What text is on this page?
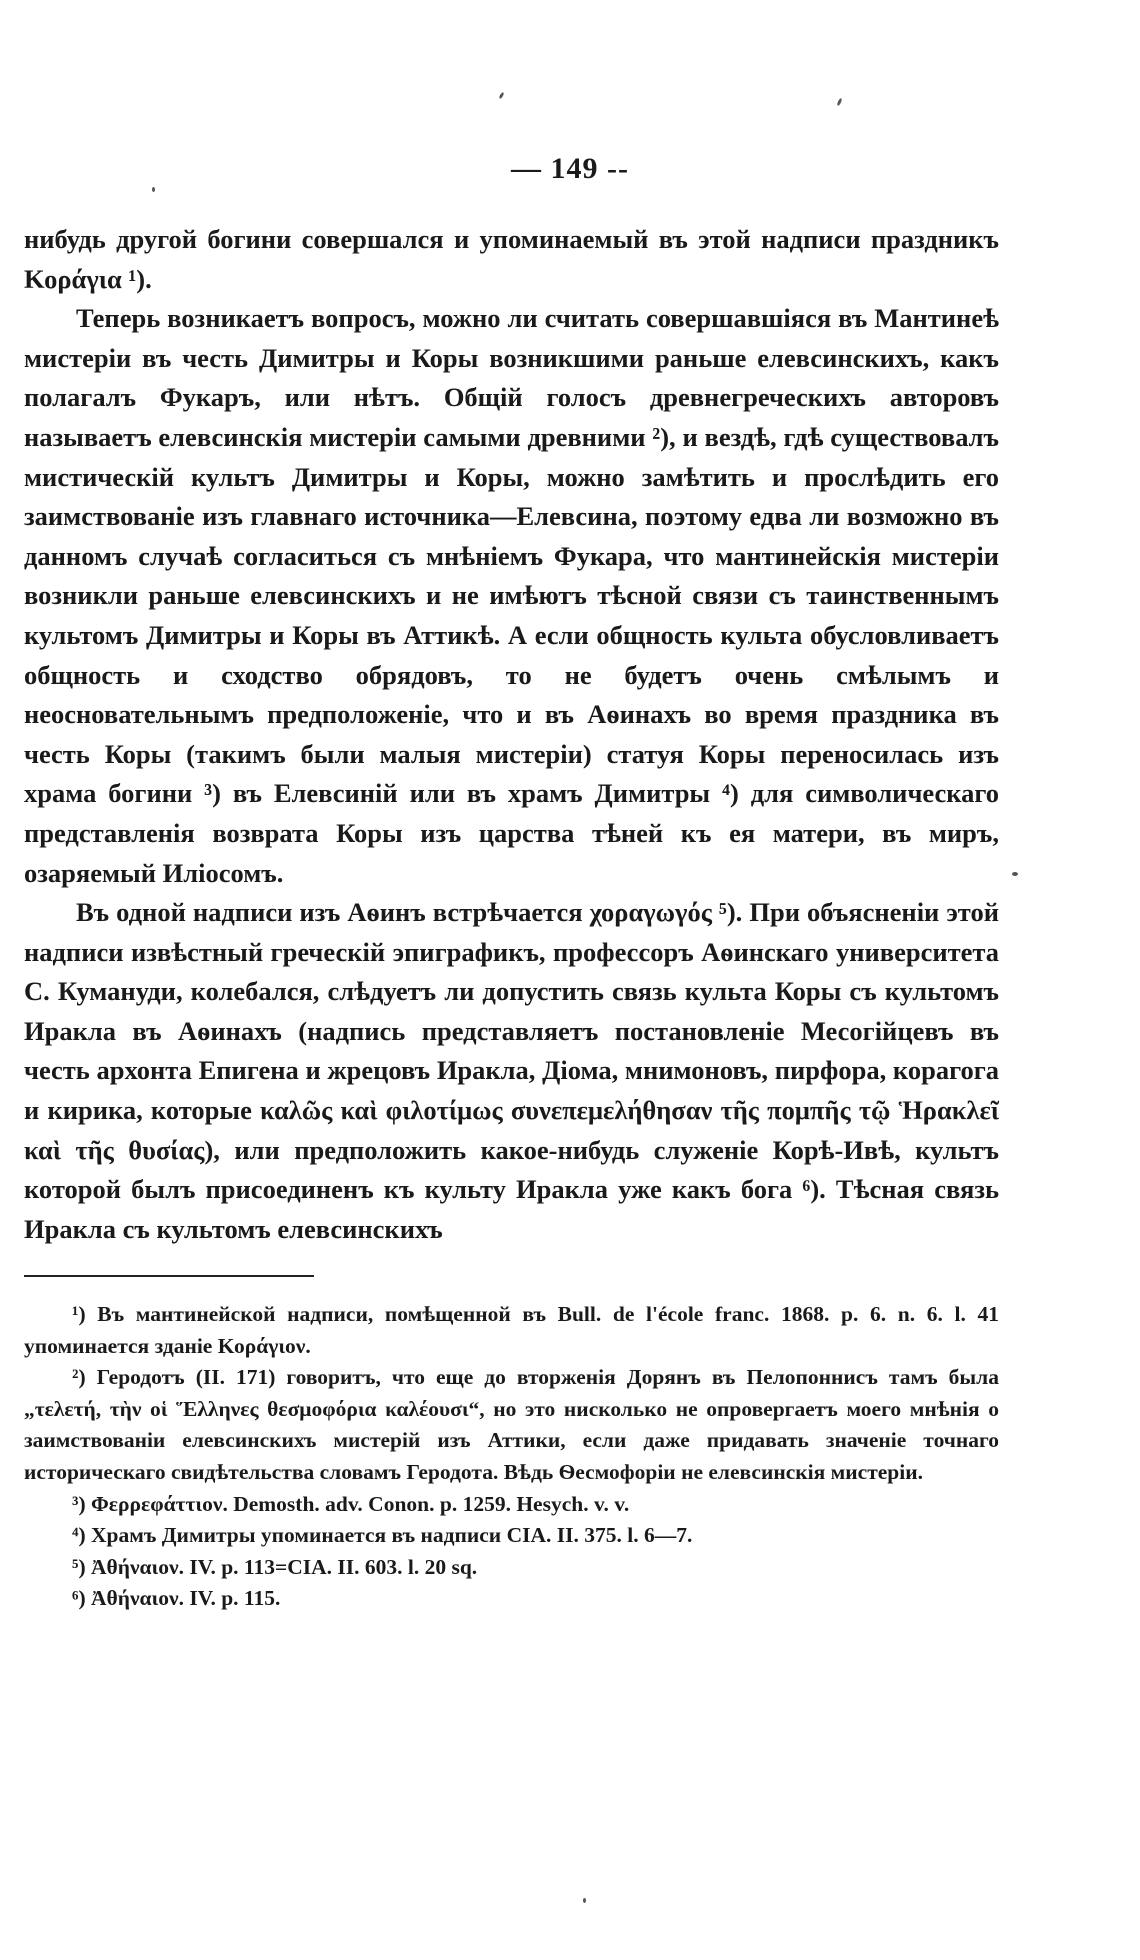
— 149 --

нибудь другой богини совершался и упоминаемый въ этой надписи праздникъ Κοράγια ¹).

Теперь возникаетъ вопросъ, можно ли считать совершавшіяся въ Мантинеѣ мистеріи въ честь Димитры и Коры возникшими раньше елевсинскихъ, какъ полагалъ Фукаръ, или нѣтъ. Общій голосъ древнегреческихъ авторовъ называетъ елевсинскія мистеріи самыми древними ²), и вездѣ, гдѣ существовалъ мистическій культъ Димитры и Коры, можно замѣтить и прослѣдить его заимствованіе изъ главнаго источника—Елевсина, поэтому едва ли возможно въ данномъ случаѣ согласиться съ мнѣніемъ Фукара, что мантинейскія мистеріи возникли раньше елевсинскихъ и не имѣютъ тѣсной связи съ таинственнымъ культомъ Димитры и Коры въ Аттикѣ. А если общность культа обусловливаетъ общность и сходство обрядовъ, то не будетъ очень смѣлымъ и неосновательнымъ предположеніе, что и въ Аѳинахъ во время праздника въ честь Коры (такимъ были малыя мистеріи) статуя Коры переносилась изъ храма богини ³) въ Елевсиній или въ храмъ Димитры ⁴) для символическаго представленія возврата Коры изъ царства тѣней къ ея матери, въ миръ, озаряемый Иліосомъ.

Въ одной надписи изъ Аѳинъ встрѣчается χοραγωγός ⁵). При объясненіи этой надписи извѣстный греческій эпиграфикъ, профессоръ Аѳинскаго университета С. Кумануди, колебался, слѣдуетъ ли допустить связь культа Коры съ культомъ Иракла въ Аѳинахъ (надпись представляетъ постановленіе Месогійцевъ въ честь архонта Епигена и жрецовъ Иракла, Діома, мнимоновъ, пирфора, корагога и кирика, которые καλῶς καὶ φιλοτίμως συνεπεμελήθησαν τῆς πομπῆς τῷ Ἡρακλεῖ καὶ τῆς θυσίας), или предположить какое-нибудь служеніе Корѣ-Ивѣ, культъ которой былъ присоединенъ къ культу Иракла уже какъ бога ⁶). Тѣсная связь Иракла съ культомъ елевсинскихъ

¹) Въ мантинейской надписи, помѣщенной въ Bull. de l'école franc. 1868. p. 6. n. 6. l. 41 упоминается зданіе Κοράγιον.

²) Геродотъ (II. 171) говоритъ, что еще до вторженія Дорянъ въ Пелопоннисъ тамъ была „τελετή, τὴν οἱ Ἕλληνες θεσμοφόρια καλέουσι“, но это нисколько не опровергаетъ моего мнѣнія о заимствованіи елевсинскихъ мистерій изъ Аттики, если даже придавать значеніе точнаго историческаго свидѣтельства словамъ Геродота. Вѣдь Ѳесмофоріи не елевсинскія мистеріи.

³) Φερρεφάττιον. Demosth. adv. Conon. p. 1259. Hesych. v. v.

⁴) Храмъ Димитры упоминается въ надписи CIA. II. 375. l. 6—7.

⁵) Ἀθήναιον. IV. p. 113=CIA. II. 603. l. 20 sq.

⁶) Ἀθήναιον. IV. p. 115.
